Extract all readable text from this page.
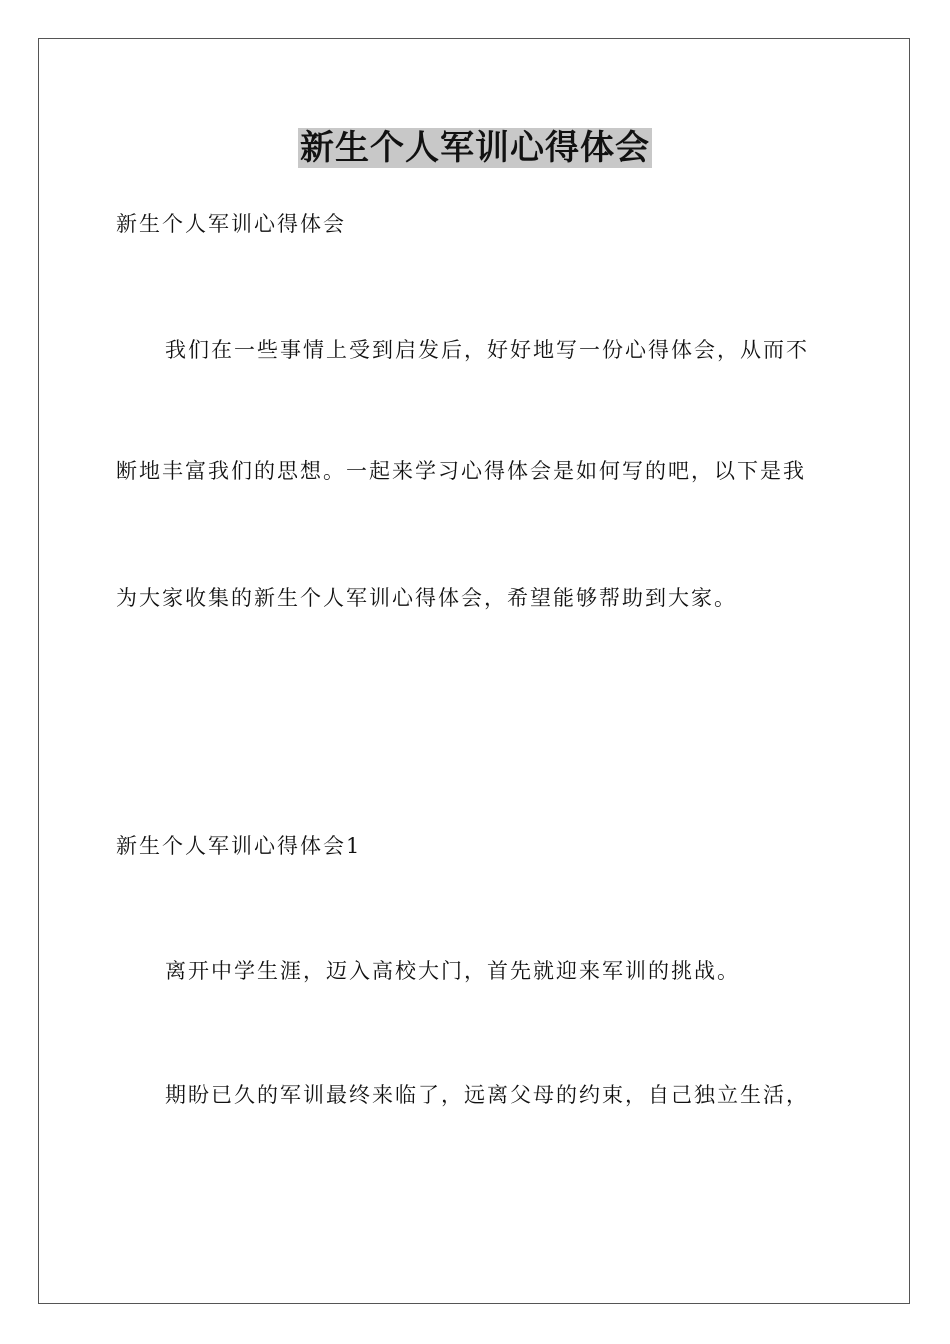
新生个人军训心得体会
新生个人军训心得体会
我们在一些事情上受到启发后，好好地写一份心得体会，从而不
断地丰富我们的思想。一起来学习心得体会是如何写的吧，以下是我
为大家收集的新生个人军训心得体会，希望能够帮助到大家。
新生个人军训心得体会1
离开中学生涯，迈入高校大门，首先就迎来军训的挑战。
期盼已久的军训最终来临了，远离父母的约束，自己独立生活，
